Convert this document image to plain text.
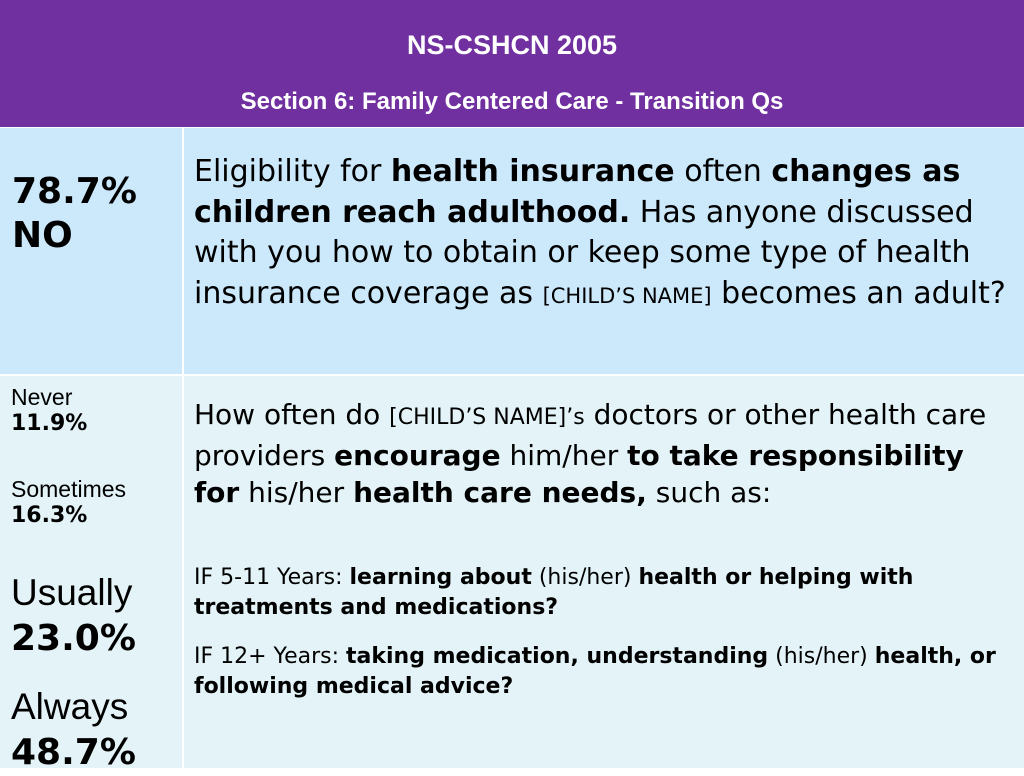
NS-CSHCN 2005
Section 6: Family Centered Care - Transition Qs
78.7%
NO
Eligibility for health insurance often changes as children reach adulthood. Has anyone discussed with you how to obtain or keep some type of health insurance coverage as [CHILD’S NAME] becomes an adult?
Never
11.9%
Sometimes
16.3%
Usually
23.0%
Always
48.7%
How often do [CHILD’S NAME]’s doctors or other health care providers encourage him/her to take responsibility for his/her health care needs, such as:
IF 5-11 Years: learning about (his/her) health or helping with treatments and medications?
IF 12+ Years: taking medication, understanding (his/her) health, or following medical advice?
